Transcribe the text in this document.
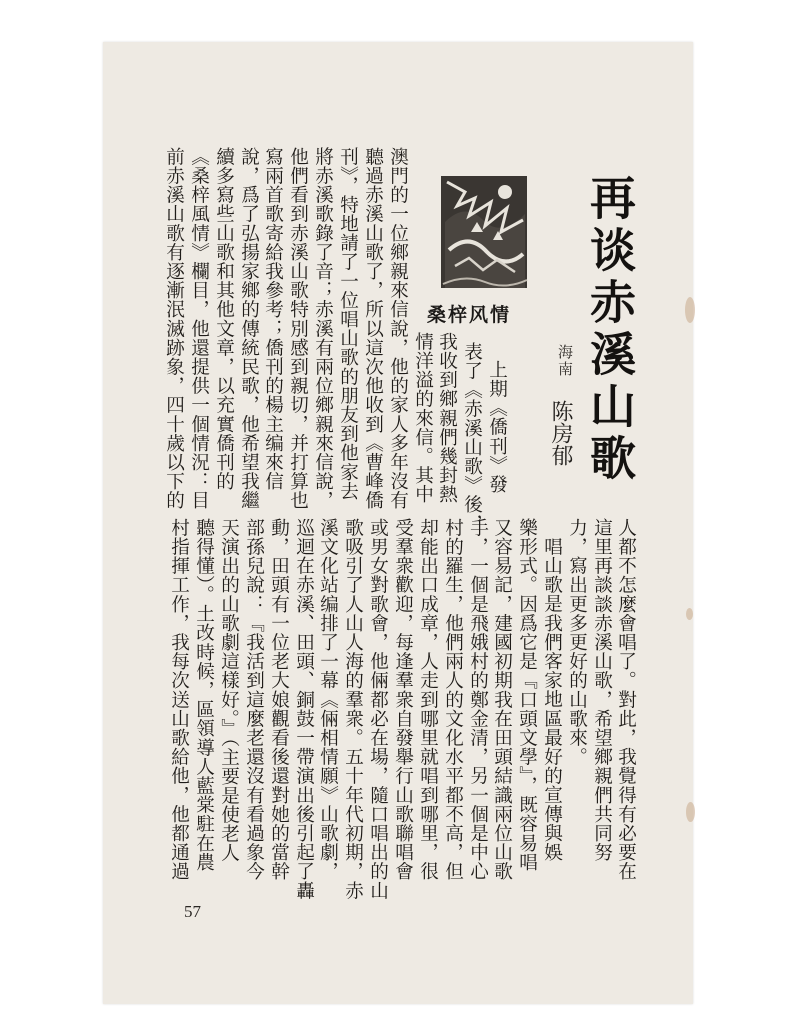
桑梓风情 再谈赤溪山歌
海南
陈房郁
上期《僑刊》發
表了《赤溪山歌》後，
我收到鄉親們幾封熱
情洋溢的來信。其中
澳門的一位鄉親來信說，他的家人多年沒有
聽過赤溪山歌了，所以這次他收到《曹峰僑
刊》，特地請了一位唱山歌的朋友到他家去
將赤溪歌錄了音；赤溪有兩位鄉親來信說，
他們看到赤溪山歌特別感到親切，并打算也
寫兩首歌寄給我參考；僑刊的楊主编來信
說，爲了弘揚家鄉的傳統民歌，他希望我繼
續多寫些山歌和其他文章，以充實僑刊的
《桑梓風情》欄目，他還提供一個情況：目
前赤溪山歌有逐漸泯滅跡象，四十歲以下的
人都不怎麼會唱了。對此，我覺得有必要在
這里再談談赤溪山歌，希望鄉親們共同努
力，寫出更多更好的山歌來。
唱山歌是我們客家地區最好的宣傳與娛
樂形式。因爲它是『口頭文學』，既容易唱
又容易記，建國初期我在田頭結識兩位山歌
手，一個是飛娥村的鄭金清，另一個是中心
村的羅生，他們兩人的文化水平都不高，但
却能出口成章，人走到哪里就唱到哪里，很
受羣衆歡迎，每逢羣衆自發舉行山歌聯唱會
或男女對歌會，他倆都必在場，隨口唱出的山
歌吸引了人山人海的羣衆。五十年代初期，赤
溪文化站编排了一幕《倆相情願》山歌劇，
巡迴在赤溪、田頭、銅鼓一帶演出後引起了轟
動，田頭有一位老大娘觀看後還對她的當幹
部孫兒說：『我活到這麼老還沒有看過象今
天演出的山歌劇這樣好。』（主要是使老人
聽得懂）。土改時候，區領導人藍棠駐在農
村指揮工作，我每次送山歌給他，他都通過
57
